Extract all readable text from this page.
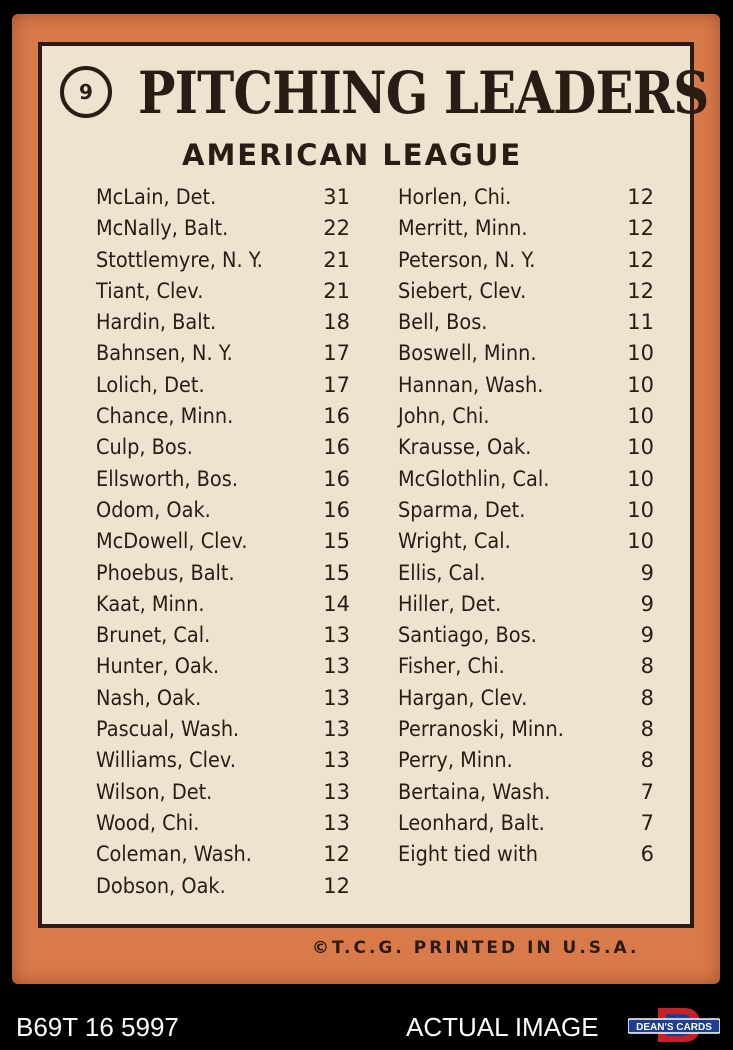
9 PITCHING LEADERS
AMERICAN LEAGUE
McLain, Det.	31
McNally, Balt.	22
Stottlemyre, N. Y.	21
Tiant, Clev.	21
Hardin, Balt.	18
Bahnsen, N. Y.	17
Lolich, Det.	17
Chance, Minn.	16
Culp, Bos.	16
Ellsworth, Bos.	16
Odom, Oak.	16
McDowell, Clev.	15
Phoebus, Balt.	15
Kaat, Minn.	14
Brunet, Cal.	13
Hunter, Oak.	13
Nash, Oak.	13
Pascual, Wash.	13
Williams, Clev.	13
Wilson, Det.	13
Wood, Chi.	13
Coleman, Wash.	12
Dobson, Oak.	12
Horlen, Chi.	12
Merritt, Minn.	12
Peterson, N. Y.	12
Siebert, Clev.	12
Bell, Bos.	11
Boswell, Minn.	10
Hannan, Wash.	10
John, Chi.	10
Krausse, Oak.	10
McGlothlin, Cal.	10
Sparma, Det.	10
Wright, Cal.	10
Ellis, Cal.	9
Hiller, Det.	9
Santiago, Bos.	9
Fisher, Chi.	8
Hargan, Clev.	8
Perranoski, Minn.	8
Perry, Minn.	8
Bertaina, Wash.	7
Leonhard, Balt.	7
Eight tied with	6
©T.C.G. PRINTED IN U.S.A.
B69T 16 5997	ACTUAL IMAGE	DEAN'S CARDS
